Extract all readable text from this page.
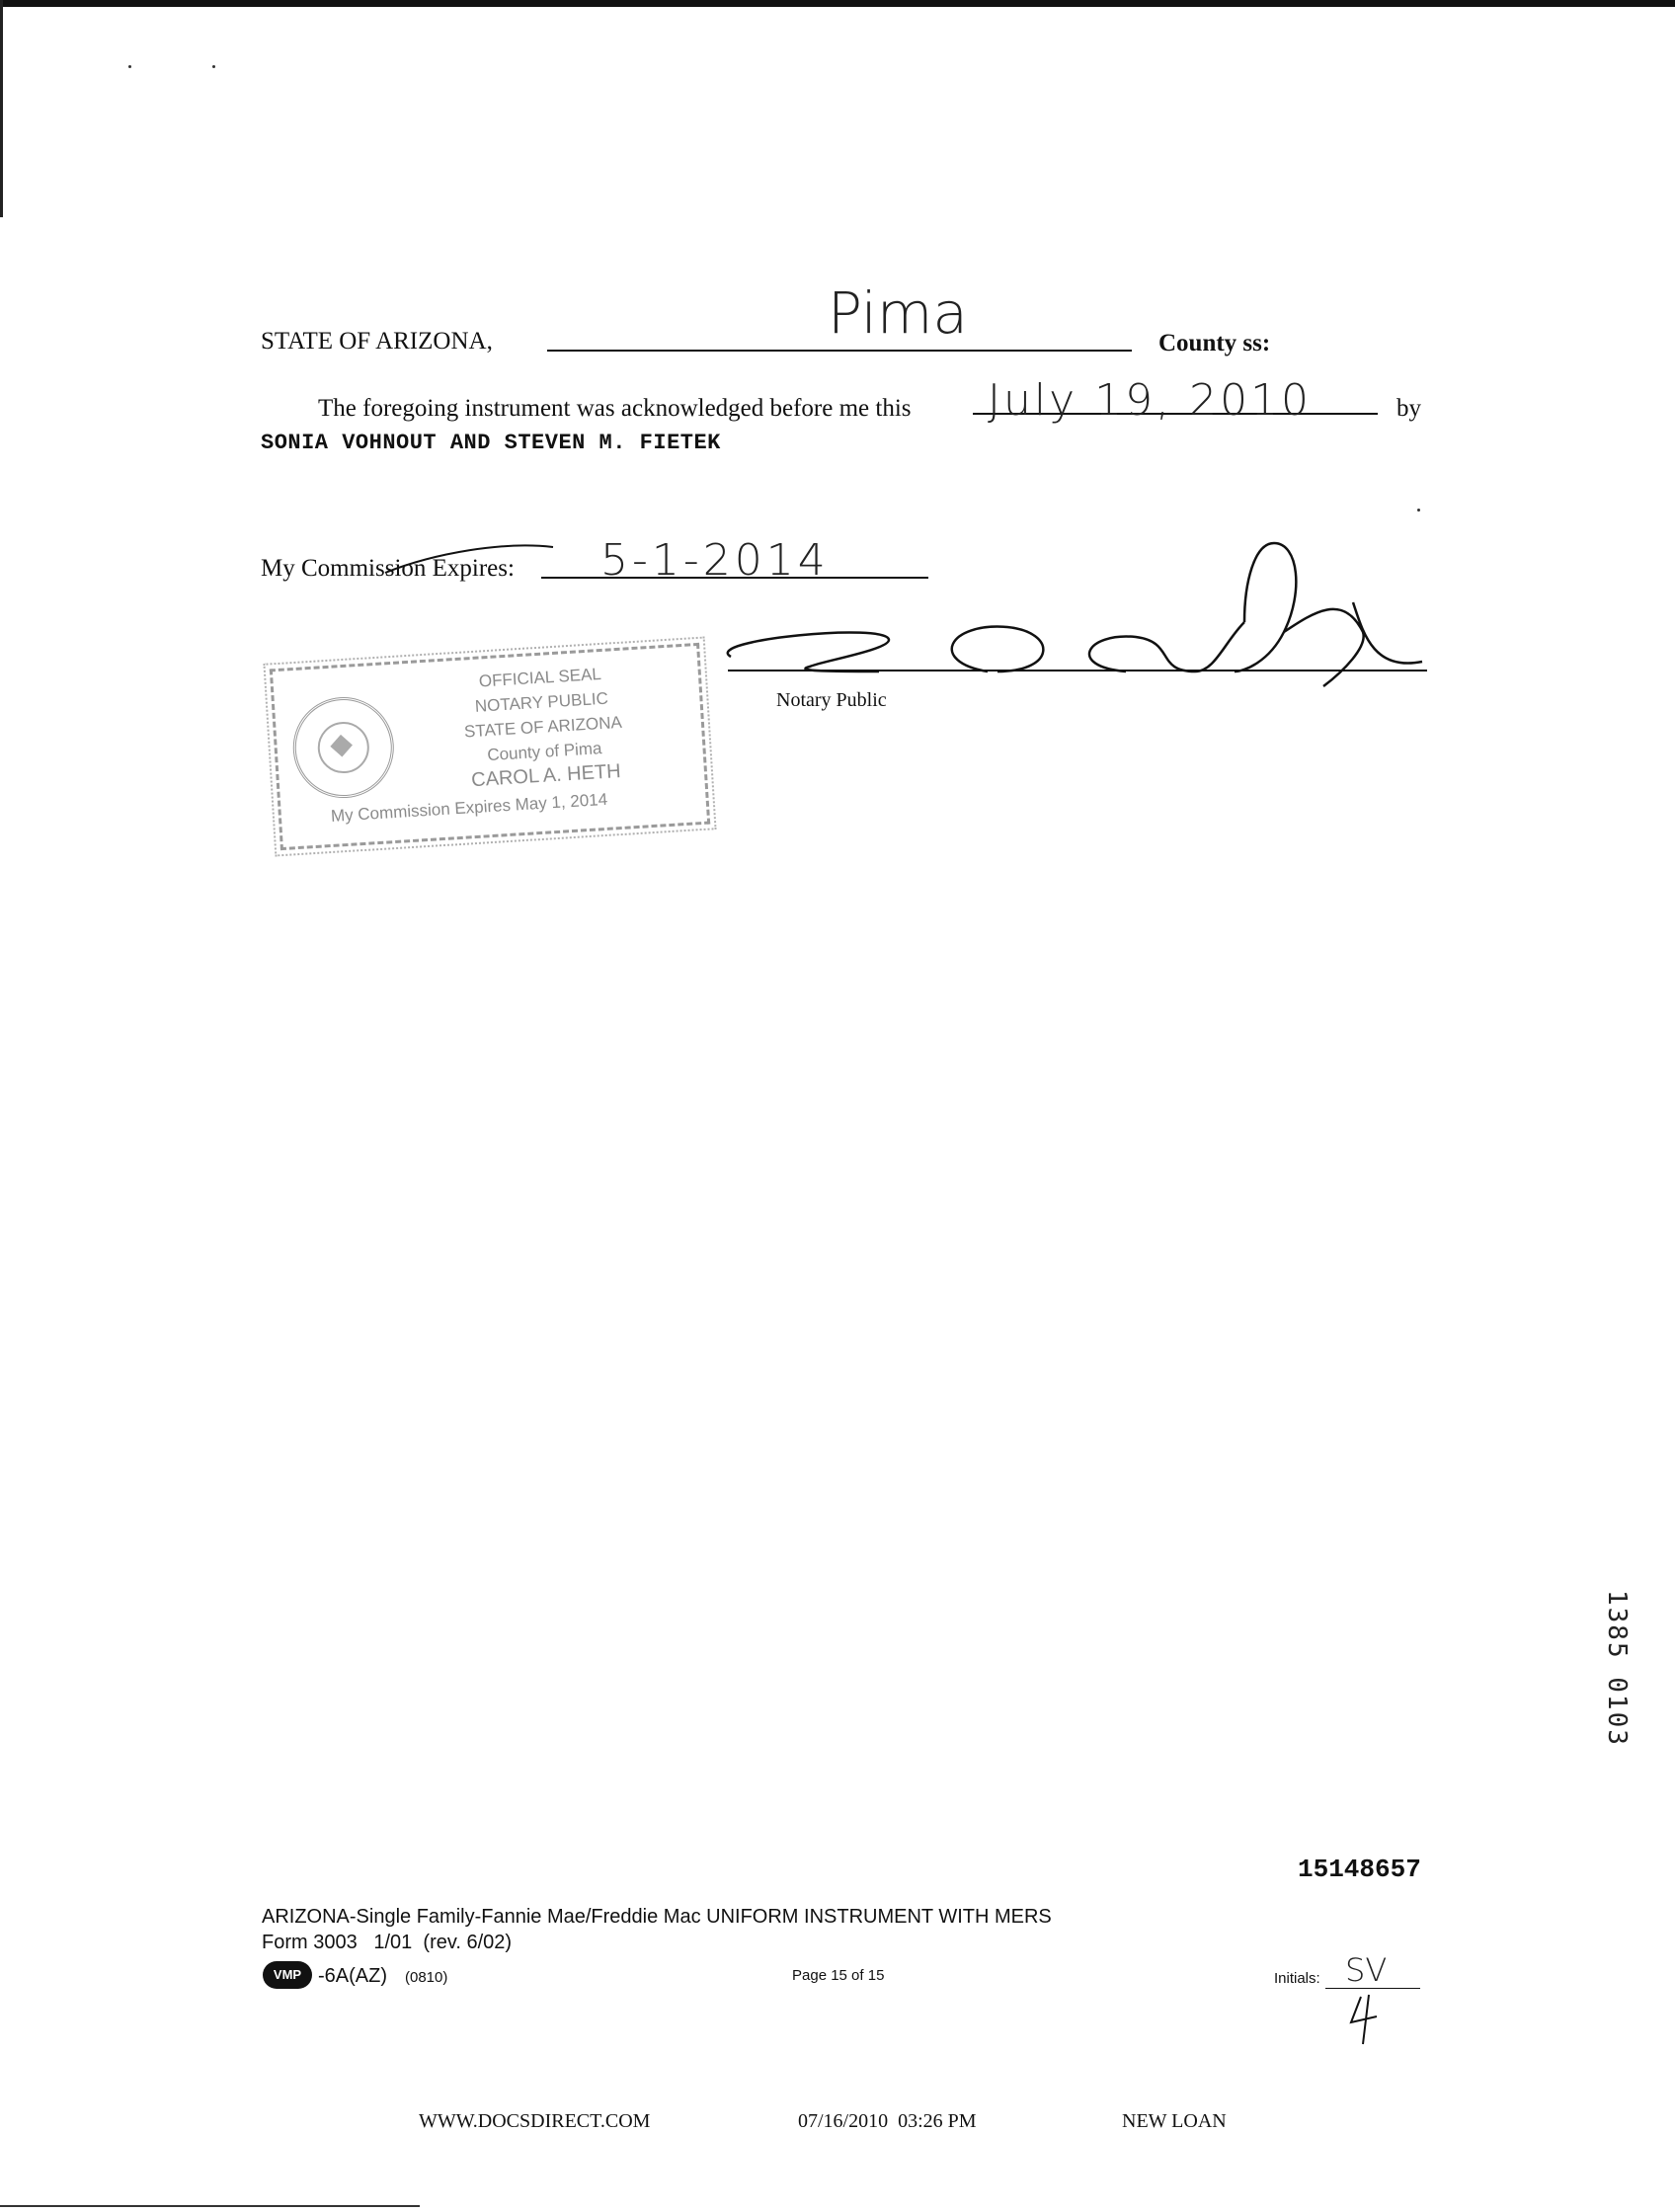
STATE OF ARIZONA,	Pima	County ss:
The foregoing instrument was acknowledged before me this July 19, 2010	by
SONIA VOHNOUT AND STEVEN M. FIETEK
My Commission Expires: 5-1-2014
Notary Public
OFFICIAL SEAL
NOTARY PUBLIC
STATE OF ARIZONA
County of Pima
CAROL A. HETH
My Commission Expires May 1, 2014
1385 0103
15148657
ARIZONA-Single Family-Fannie Mae/Freddie Mac UNIFORM INSTRUMENT WITH MERS
Form 3003   1/01  (rev. 6/02)
VMP -6A(AZ) (0810)	Page 15 of 15	Initials: SV
WWW.DOCSDIRECT.COM	07/16/2010  03:26 PM	NEW LOAN
